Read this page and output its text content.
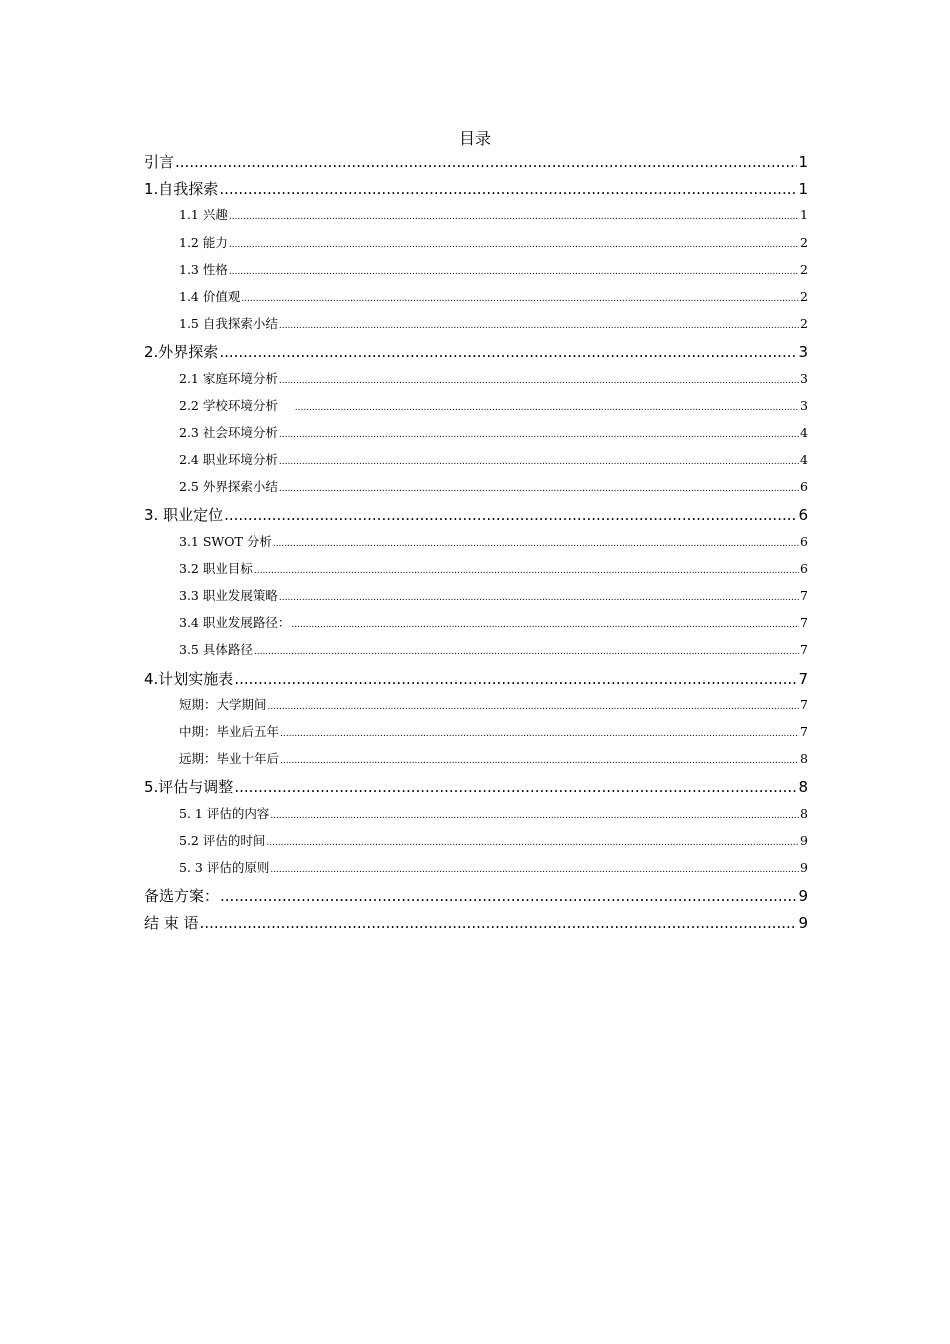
目录
引言 .....	1
1.自我探索 .....	1
1.1 兴趣 .....	1
1.2 能力 .....	2
1.3 性格 .....	2
1.4 价值观 .....	2
1.5 自我探索小结 .....	2
2.外界探索 .....	3
2.1 家庭环境分析 .....	3
2.2 学校环境分析 .....	3
2.3 社会环境分析 .....	4
2.4 职业环境分析 .....	4
2.5 外界探索小结 .....	6
3. 职业定位 .....	6
3.1 SWOT 分析 .....	6
3.2 职业目标 .....	6
3.3 职业发展策略 .....	7
3.4 职业发展路径： .....	7
3.5 具体路径 .....	7
4.计划实施表 .....	7
短期：大学期间 .....	7
中期：毕业后五年 .....	7
远期：毕业十年后 .....	8
5.评估与调整 .....	8
5. 1 评估的内容 .....	8
5.2 评估的时间 .....	9
5. 3 评估的原则 .....	9
备选方案： .....	9
结 束 语 .....	9
